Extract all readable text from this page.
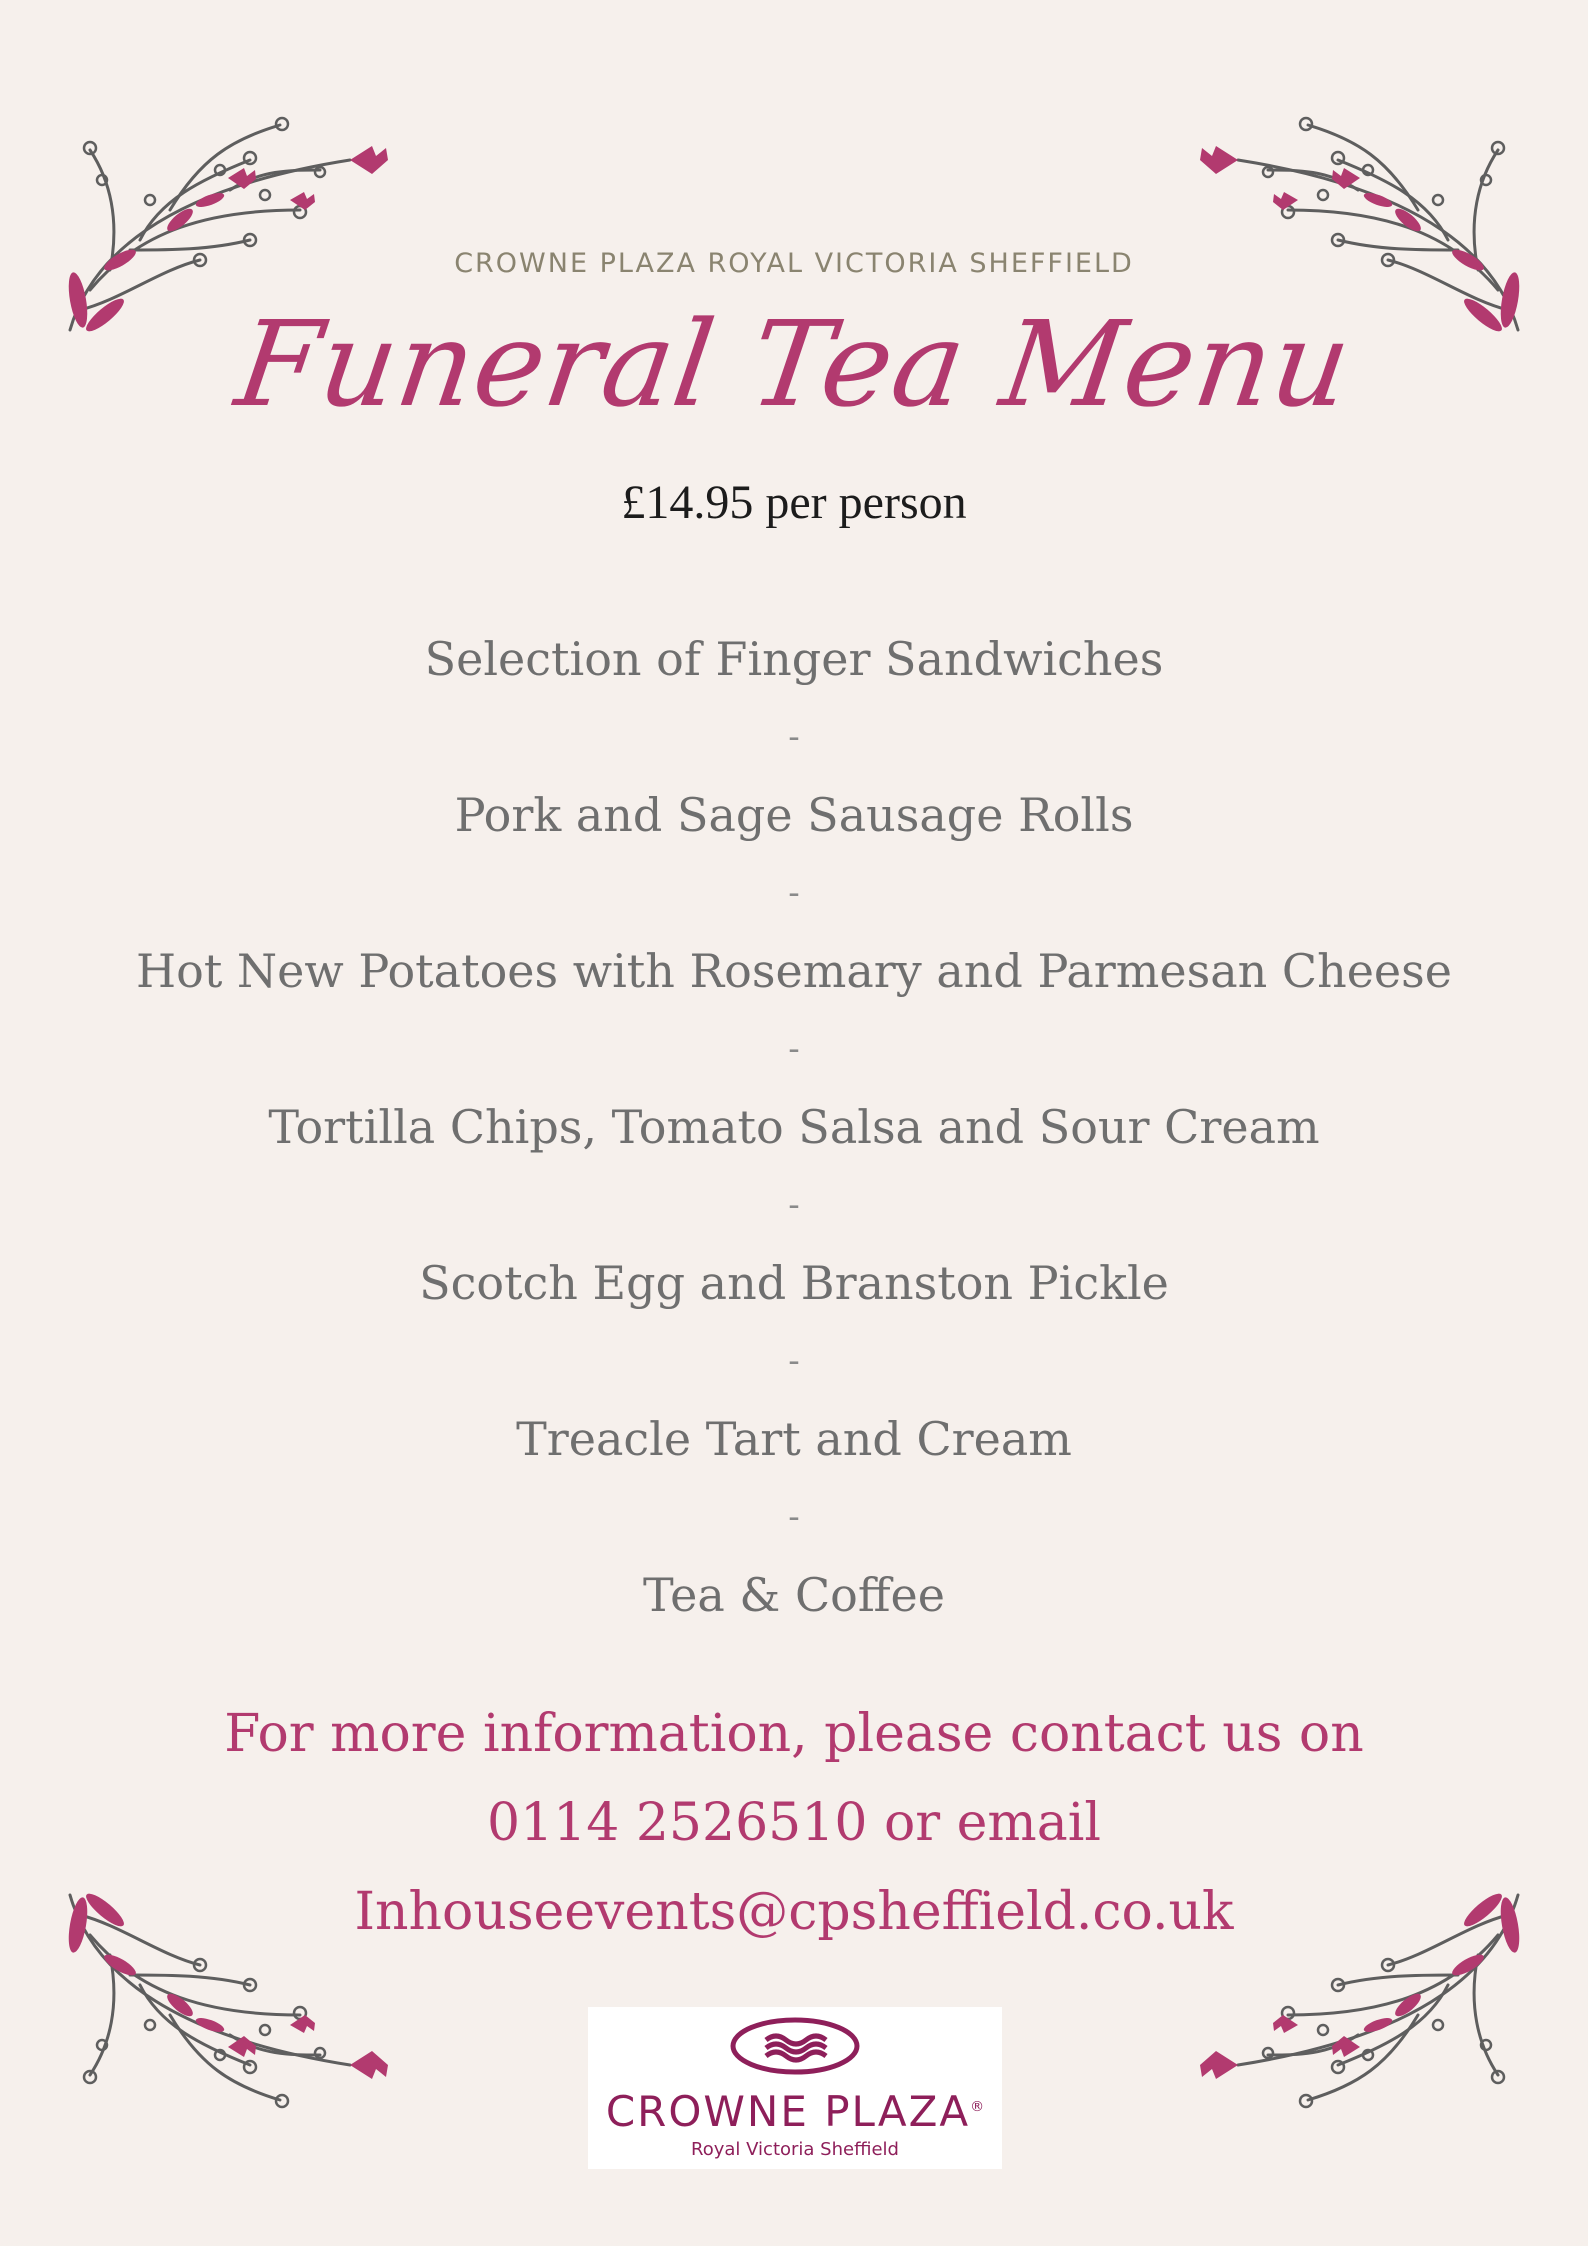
CROWNE PLAZA ROYAL VICTORIA SHEFFIELD
Funeral Tea Menu
£14.95 per person
Selection of Finger Sandwiches
-
Pork and Sage Sausage Rolls
-
Hot New Potatoes with Rosemary and Parmesan Cheese
-
Tortilla Chips, Tomato Salsa and Sour Cream
-
Scotch Egg and Branston Pickle
-
Treacle Tart and Cream
-
Tea & Coffee
For more information, please contact us on
0114 2526510 or email
Inhouseevents@cpsheffield.co.uk
CROWNE PLAZA®
Royal Victoria Sheffield
